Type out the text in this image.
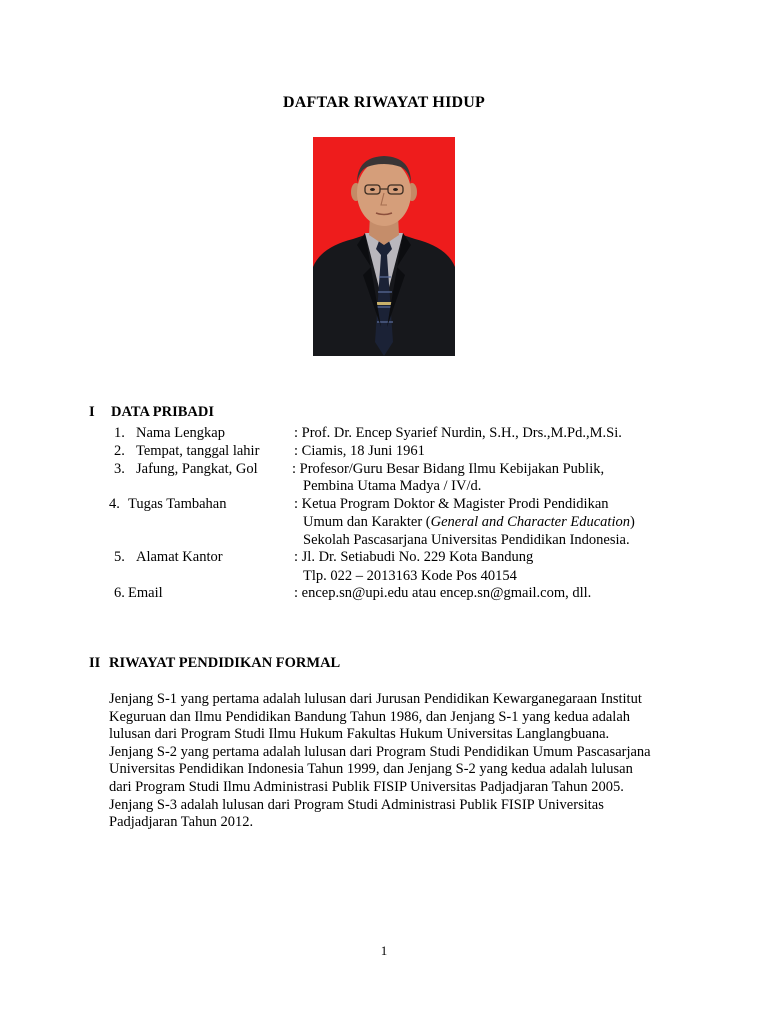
DAFTAR RIWAYAT HIDUP
I DATA PRIBADI
1. Nama Lengkap	: Prof. Dr. Encep Syarief Nurdin, S.H., Drs.,M.Pd.,M.Si.
2. Tempat, tanggal lahir : Ciamis, 18 Juni 1961
3. Jafung, Pangkat, Gol : Profesor/Guru Besar Bidang Ilmu Kebijakan Publik,
Pembina Utama Madya / IV/d.
4. Tugas Tambahan	: Ketua Program Doktor & Magister Prodi Pendidikan
Umum dan Karakter (General and Character Education)
Sekolah Pascasarjana Universitas Pendidikan Indonesia.
5. Alamat Kantor	: Jl. Dr. Setiabudi No. 229 Kota Bandung
Tlp. 022 – 2013163 Kode Pos 40154
6. Email	: encep.sn@upi.edu atau encep.sn@gmail.com, dll.
II RIWAYAT PENDIDIKAN FORMAL
Jenjang S-1 yang pertama adalah lulusan dari Jurusan Pendidikan Kewarganegaraan Institut
Keguruan dan Ilmu Pendidikan Bandung Tahun 1986, dan Jenjang S-1 yang kedua adalah
lulusan dari Program Studi Ilmu Hukum Fakultas Hukum Universitas Langlangbuana.
Jenjang S-2 yang pertama adalah lulusan dari Program Studi Pendidikan Umum Pascasarjana
Universitas Pendidikan Indonesia Tahun 1999, dan Jenjang S-2 yang kedua adalah lulusan
dari Program Studi Ilmu Administrasi Publik FISIP Universitas Padjadjaran Tahun 2005.
Jenjang S-3 adalah lulusan dari Program Studi Administrasi Publik FISIP Universitas
Padjadjaran Tahun 2012.
1
